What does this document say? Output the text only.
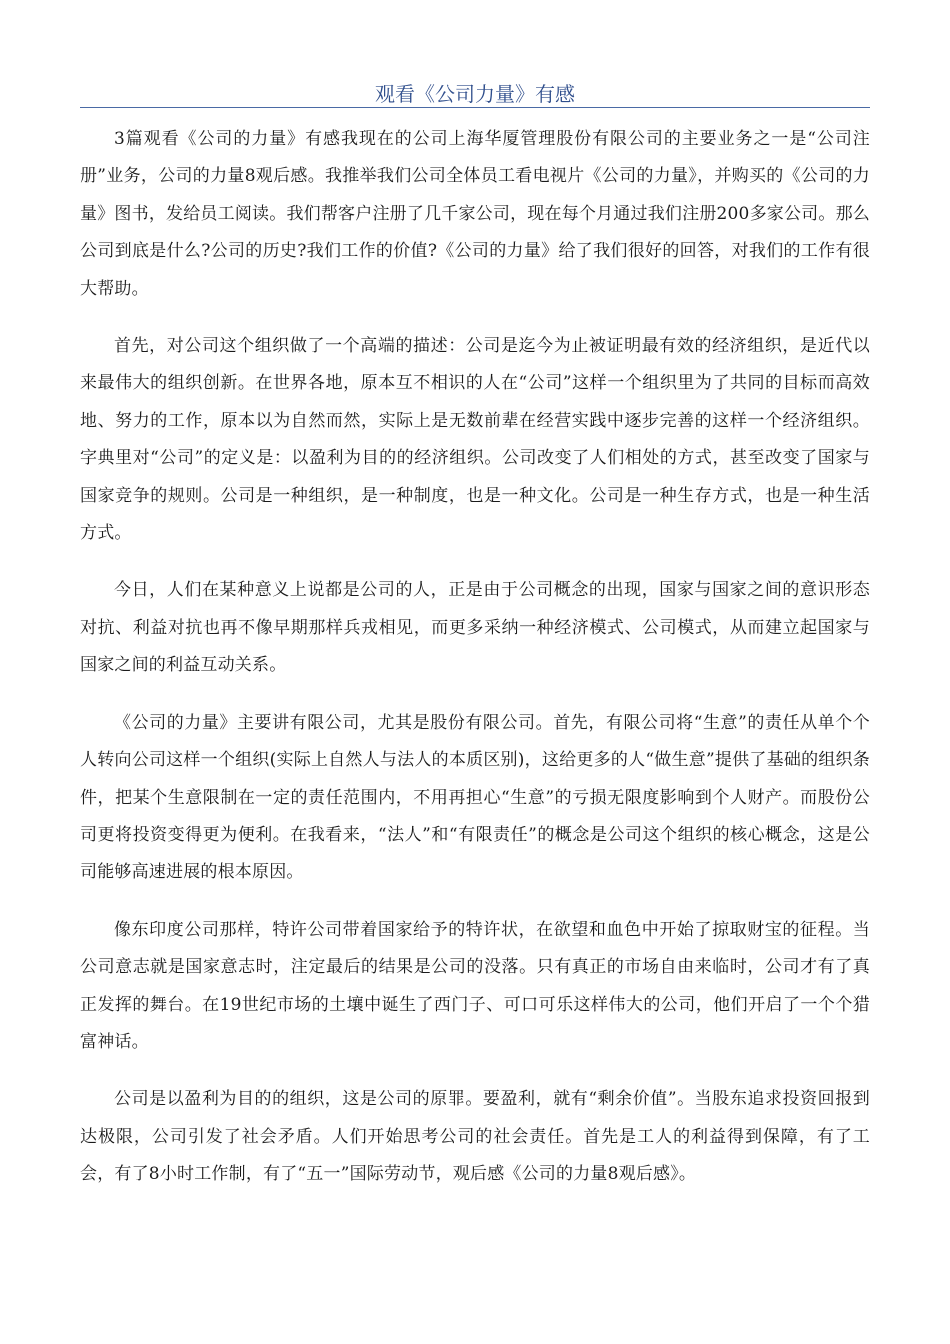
观看《公司力量》有感

3篇观看《公司的力量》有感我现在的公司上海华厦管理股份有限公司的主要业务之一是“公司注册”业务，公司的力量8观后感。我推举我们公司全体员工看电视片《公司的力量》，并购买的《公司的力量》图书，发给员工阅读。我们帮客户注册了几千家公司，现在每个月通过我们注册200多家公司。那么公司到底是什么?公司的历史?我们工作的价值?《公司的力量》给了我们很好的回答，对我们的工作有很大帮助。

首先，对公司这个组织做了一个高端的描述：公司是迄今为止被证明最有效的经济组织，是近代以来最伟大的组织创新。在世界各地，原本互不相识的人在“公司”这样一个组织里为了共同的目标而高效地、努力的工作，原本以为自然而然，实际上是无数前辈在经营实践中逐步完善的这样一个经济组织。字典里对“公司”的定义是：以盈利为目的的经济组织。公司改变了人们相处的方式，甚至改变了国家与国家竞争的规则。公司是一种组织，是一种制度，也是一种文化。公司是一种生存方式，也是一种生活方式。

今日，人们在某种意义上说都是公司的人，正是由于公司概念的出现，国家与国家之间的意识形态对抗、利益对抗也再不像早期那样兵戎相见，而更多采纳一种经济模式、公司模式，从而建立起国家与国家之间的利益互动关系。

《公司的力量》主要讲有限公司，尤其是股份有限公司。首先，有限公司将“生意”的责任从单个个人转向公司这样一个组织(实际上自然人与法人的本质区别)，这给更多的人“做生意”提供了基础的组织条件，把某个生意限制在一定的责任范围内，不用再担心“生意”的亏损无限度影响到个人财产。而股份公司更将投资变得更为便利。在我看来，“法人”和“有限责任”的概念是公司这个组织的核心概念，这是公司能够高速进展的根本原因。

像东印度公司那样，特许公司带着国家给予的特许状，在欲望和血色中开始了掠取财宝的征程。当公司意志就是国家意志时，注定最后的结果是公司的没落。只有真正的市场自由来临时，公司才有了真正发挥的舞台。在19世纪市场的土壤中诞生了西门子、可口可乐这样伟大的公司，他们开启了一个个猎富神话。

公司是以盈利为目的的组织，这是公司的原罪。要盈利，就有“剩余价值”。当股东追求投资回报到达极限，公司引发了社会矛盾。人们开始思考公司的社会责任。首先是工人的利益得到保障，有了工会，有了8小时工作制，有了“五一”国际劳动节，观后感《公司的力量8观后感》。
